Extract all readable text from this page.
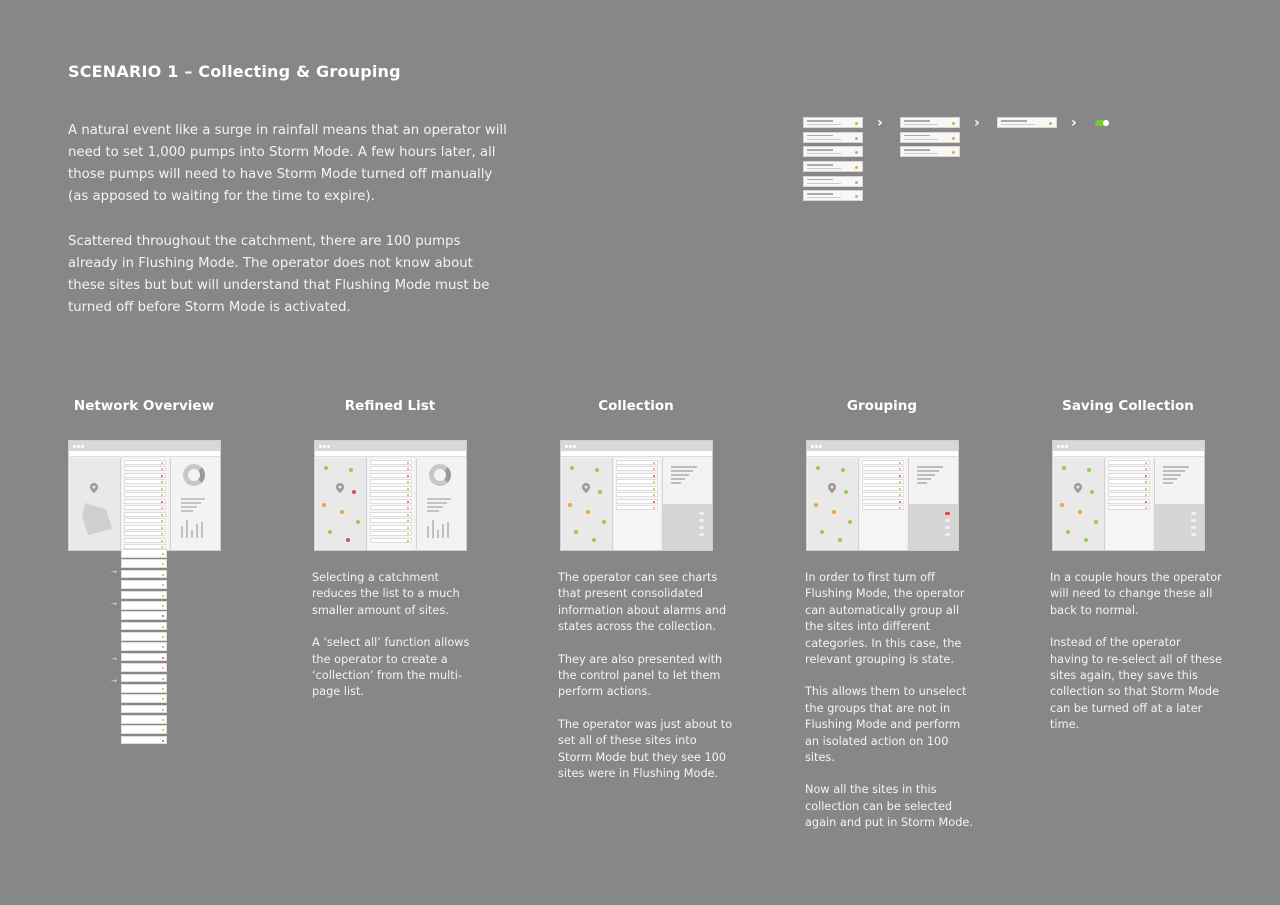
SCENARIO 1 – Collecting & Grouping

A natural event like a surge in rainfall means that an operator will need to set 1,000 pumps into Storm Mode. A few hours later, all those pumps will need to have Storm Mode turned off manually (as apposed to waiting for the time to expire).

Scattered throughout the catchment, there are 100 pumps already in Flushing Mode. The operator does not know about these sites but but will understand that Flushing Mode must be turned off before Storm Mode is activated.

›	›	›
Network Overview	Refined List	Collection	Grouping	Saving Collection
→
→
→
→

Selecting a catchment reduces the list to a much smaller amount of sites.

A ‘select all’ function allows the operator to create a ‘collection’ from the multi-page list.

The operator can see charts that present consolidated information about alarms and states across the collection.

They are also presented with the control panel to let them perform actions.

The operator was just about to set all of these sites into Storm Mode but they see 100 sites were in Flushing Mode.

In order to first turn off Flushing Mode, the operator can automatically group all the sites into different categories. In this case, the relevant grouping is state.

This allows them to unselect the groups that are not in Flushing Mode and perform an isolated action on 100 sites.

Now all the sites in this collection can be selected again and put in Storm Mode.

In a couple hours the operator will need to change these all back to normal.

Instead of the operator having to re-select all of these sites again, they save this collection so that Storm Mode can be turned off at a later time.
